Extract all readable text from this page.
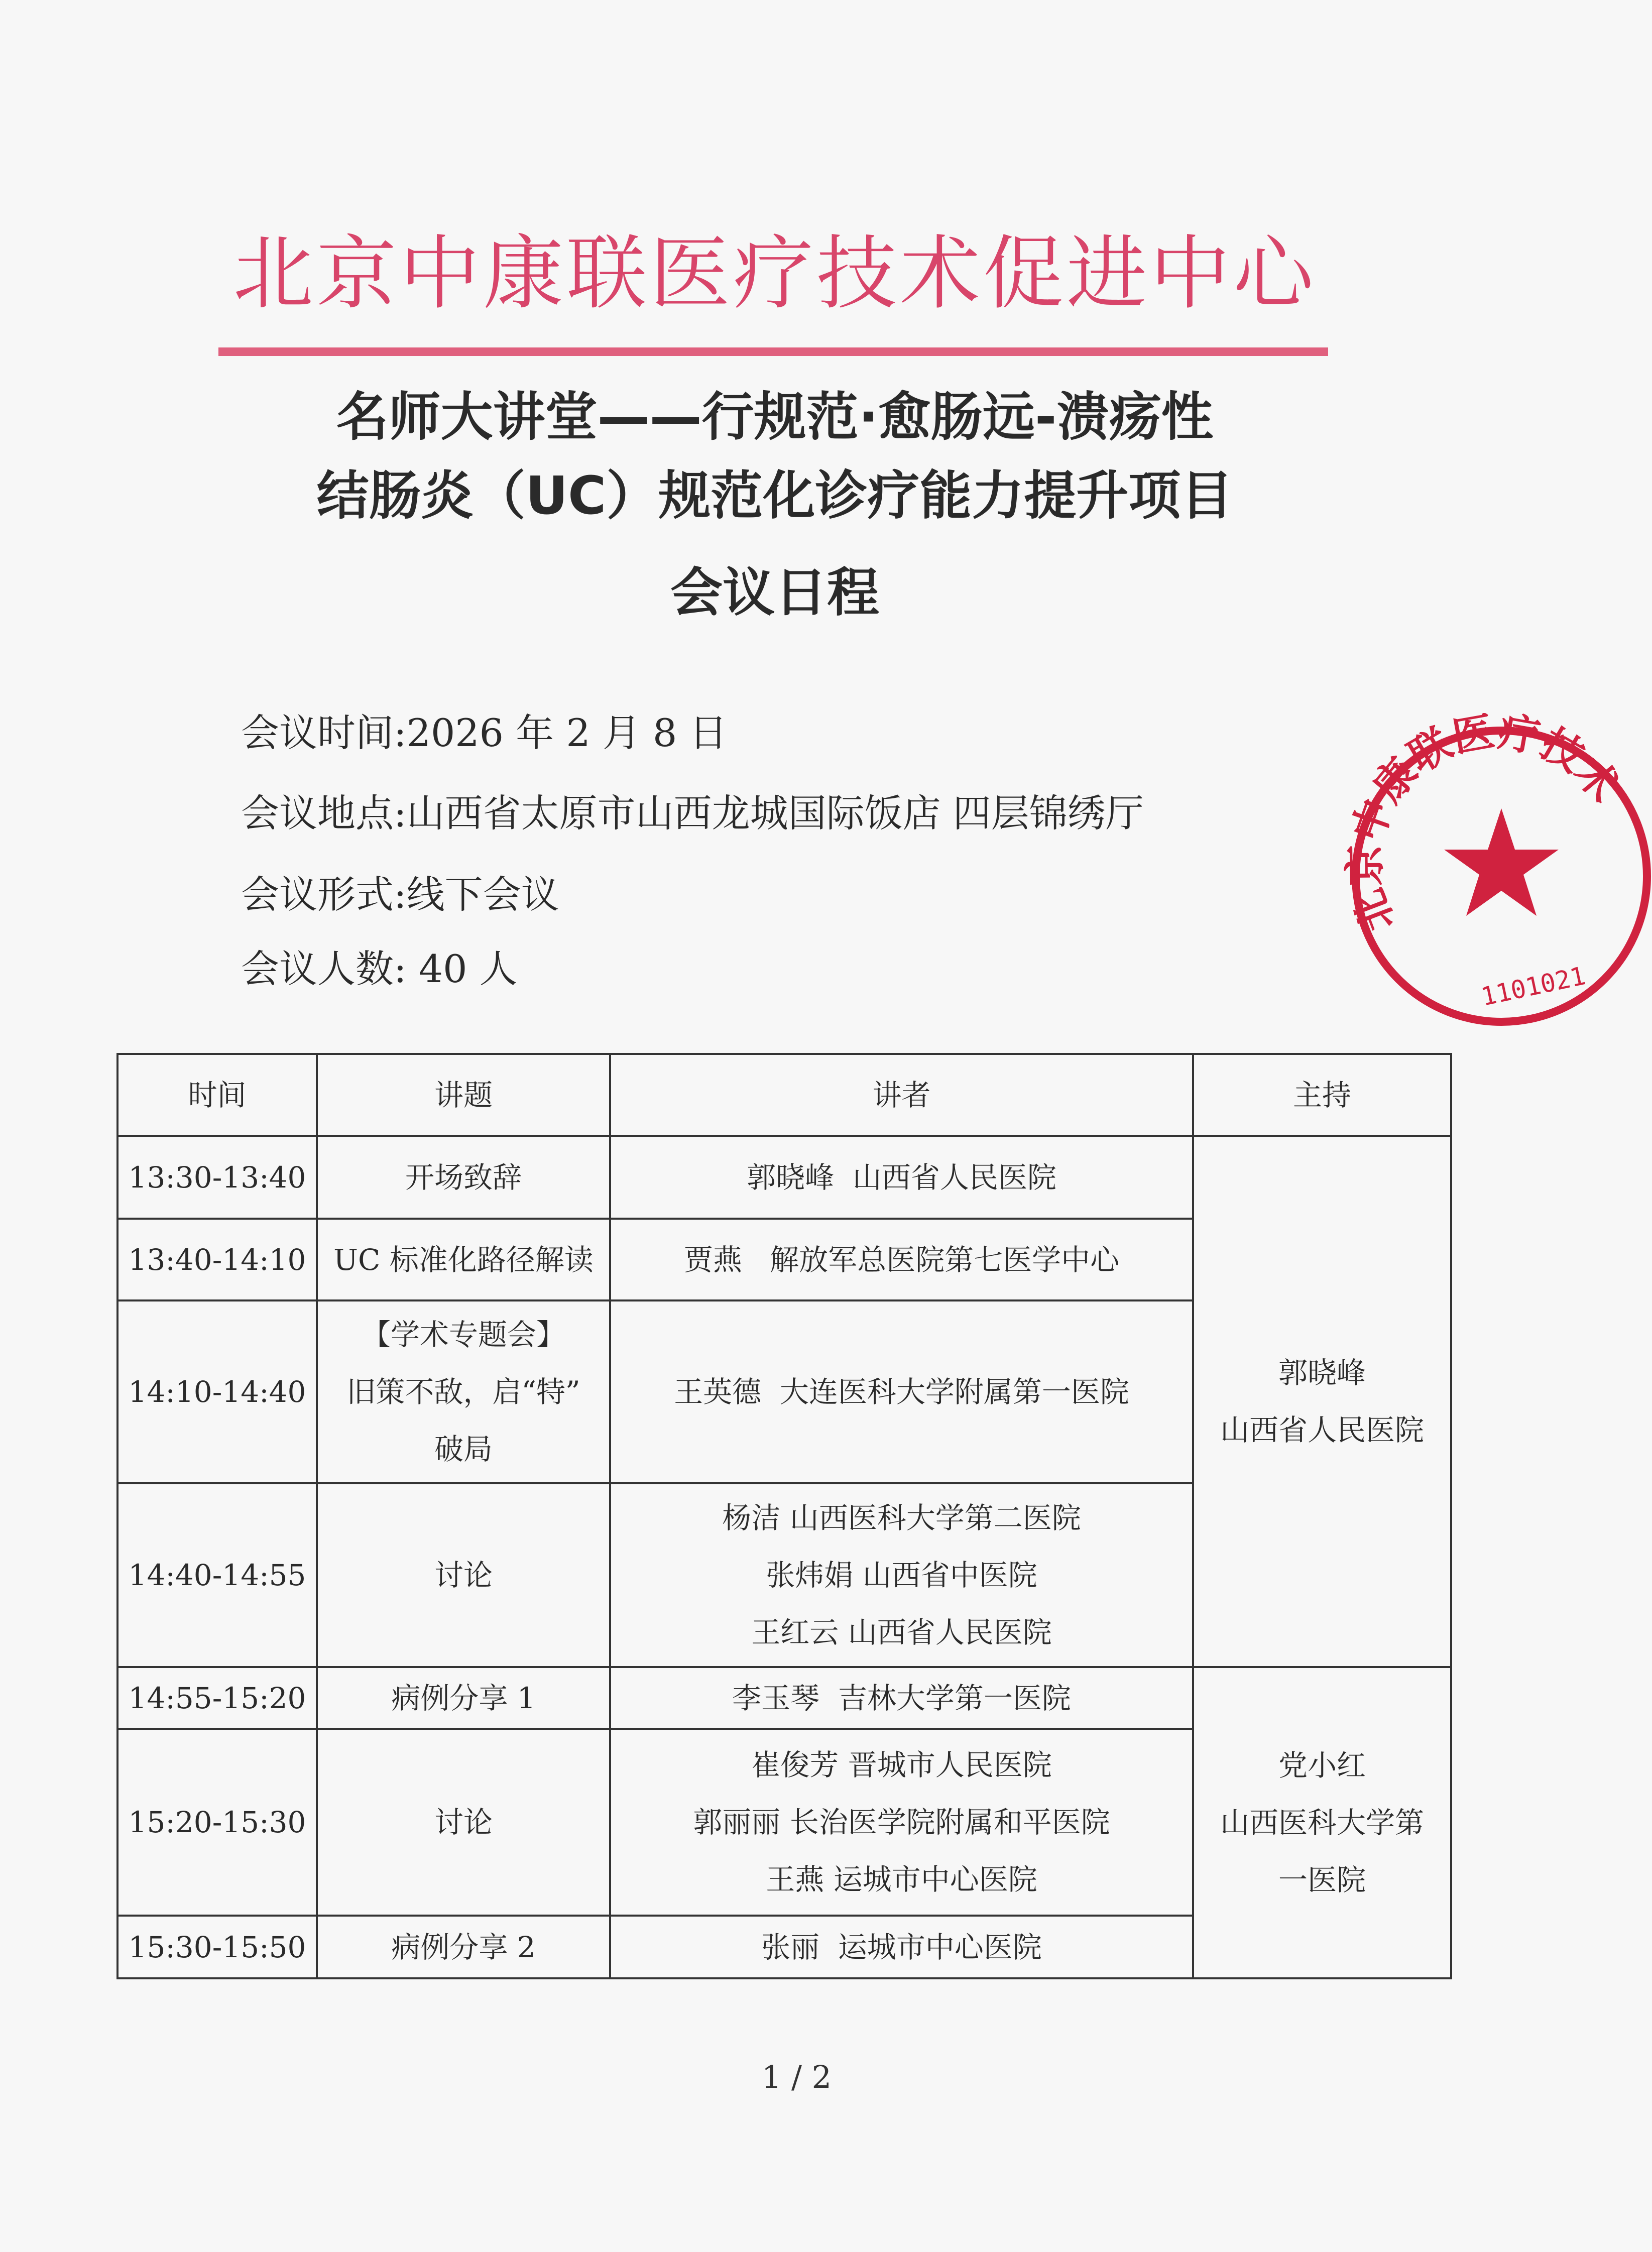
北京中康联医疗技术促进中心
名师大讲堂——行规范·愈肠远-溃疡性
结肠炎（UC）规范化诊疗能力提升项目
会议日程
会议时间:2026 年 2 月 8 日
会议地点:山西省太原市山西龙城国际饭店 四层锦绣厅
会议形式:线下会议
会议人数: 40 人
北京中康联医疗技术
1101021
时间	讲题	讲者	主持
13:30-13:40	开场致辞	郭晓峰  山西省人民医院	郭晓峰
山西省人民医院

13:40-14:10	UC 标准化路径解读	贾燕   解放军总医院第七医学中心	
14:10-14:40	【学术专题会】
旧策不敌，启“特”
破局	王英德  大连医科大学附属第一医院	
14:40-14:55	讨论	杨洁 山西医科大学第二医院
张炜娟 山西省中医院
王红云 山西省人民医院	

14:55-15:20	病例分享 1	李玉琴  吉林大学第一医院	党小红
山西医科大学第
一医院

15:20-15:30	讨论	崔俊芳 晋城市人民医院
郭丽丽 长治医学院附属和平医院
王燕 运城市中心医院	

15:30-15:50	病例分享 2	张丽  运城市中心医院	
1 / 2
